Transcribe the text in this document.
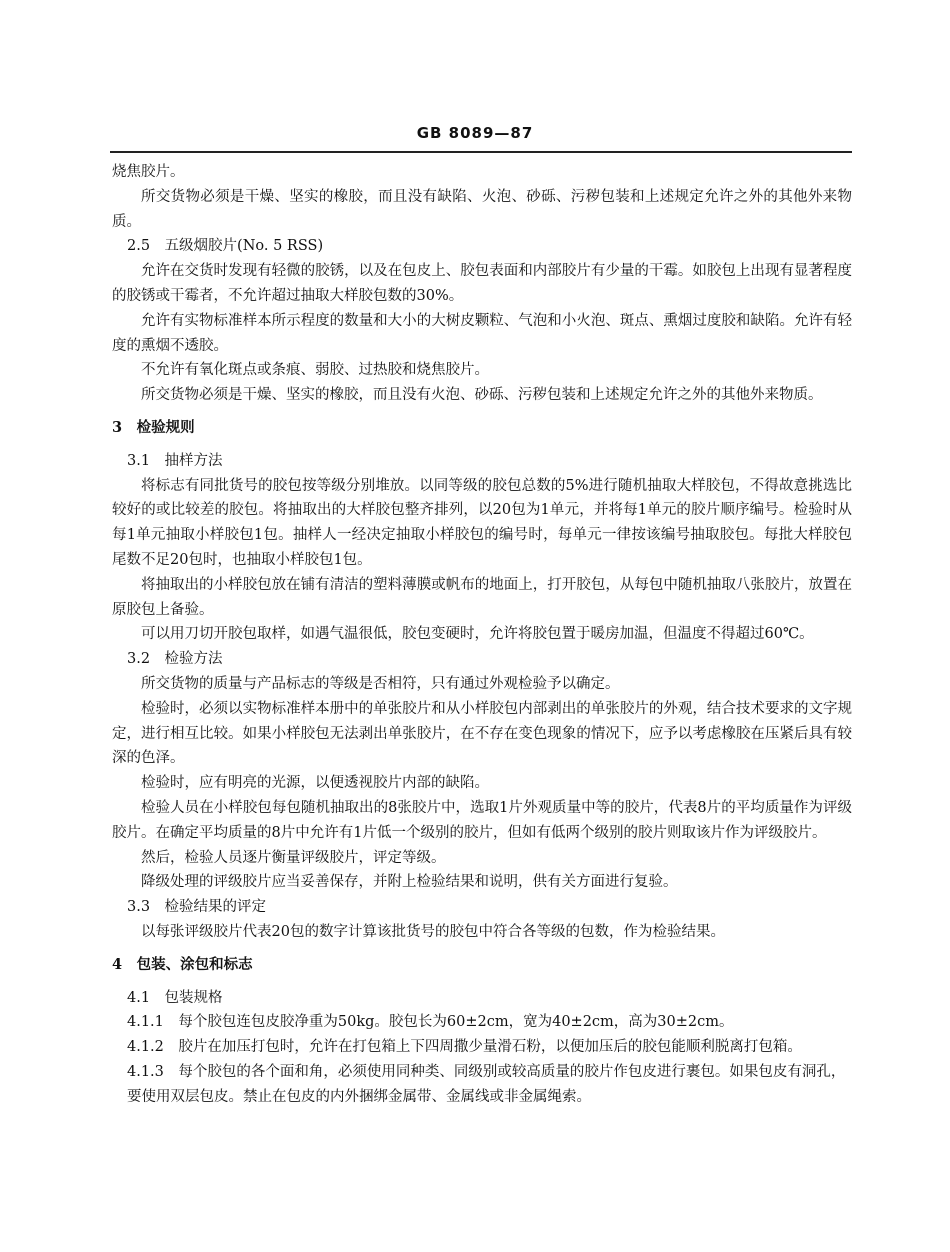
GB 8089—87

烧焦胶片。

所交货物必须是干燥、坚实的橡胶，而且没有缺陷、火泡、砂砾、污秽包装和上述规定允许之外的其他外来物质。

2.5　五级烟胶片(No. 5 RSS)

允许在交货时发现有轻微的胶锈，以及在包皮上、胶包表面和内部胶片有少量的干霉。如胶包上出现有显著程度的胶锈或干霉者，不允许超过抽取大样胶包数的30%。

允许有实物标准样本所示程度的数量和大小的大树皮颗粒、气泡和小火泡、斑点、熏烟过度胶和缺陷。允许有轻度的熏烟不透胶。

不允许有氧化斑点或条痕、弱胶、过热胶和烧焦胶片。

所交货物必须是干燥、坚实的橡胶，而且没有火泡、砂砾、污秽包装和上述规定允许之外的其他外来物质。

3　检验规则

3.1　抽样方法

将标志有同批货号的胶包按等级分别堆放。以同等级的胶包总数的5%进行随机抽取大样胶包，不得故意挑选比较好的或比较差的胶包。将抽取出的大样胶包整齐排列，以20包为1单元，并将每1单元的胶片顺序编号。检验时从每1单元抽取小样胶包1包。抽样人一经决定抽取小样胶包的编号时，每单元一律按该编号抽取胶包。每批大样胶包尾数不足20包时，也抽取小样胶包1包。

将抽取出的小样胶包放在铺有清洁的塑料薄膜或帆布的地面上，打开胶包，从每包中随机抽取八张胶片，放置在原胶包上备验。

可以用刀切开胶包取样，如遇气温很低，胶包变硬时，允许将胶包置于暖房加温，但温度不得超过60℃。

3.2　检验方法

所交货物的质量与产品标志的等级是否相符，只有通过外观检验予以确定。

检验时，必须以实物标准样本册中的单张胶片和从小样胶包内部剥出的单张胶片的外观，结合技术要求的文字规定，进行相互比较。如果小样胶包无法剥出单张胶片，在不存在变色现象的情况下，应予以考虑橡胶在压紧后具有较深的色泽。

检验时，应有明亮的光源，以便透视胶片内部的缺陷。

检验人员在小样胶包每包随机抽取出的8张胶片中，选取1片外观质量中等的胶片，代表8片的平均质量作为评级胶片。在确定平均质量的8片中允许有1片低一个级别的胶片，但如有低两个级别的胶片则取该片作为评级胶片。

然后，检验人员逐片衡量评级胶片，评定等级。

降级处理的评级胶片应当妥善保存，并附上检验结果和说明，供有关方面进行复验。

3.3　检验结果的评定

以每张评级胶片代表20包的数字计算该批货号的胶包中符合各等级的包数，作为检验结果。

4　包装、涂包和标志

4.1　包装规格

4.1.1　每个胶包连包皮胶净重为50kg。胶包长为60±2cm，宽为40±2cm，高为30±2cm。

4.1.2　胶片在加压打包时，允许在打包箱上下四周撒少量滑石粉，以便加压后的胶包能顺利脱离打包箱。

4.1.3　每个胶包的各个面和角，必须使用同种类、同级别或较高质量的胶片作包皮进行裹包。如果包皮有洞孔，要使用双层包皮。禁止在包皮的内外捆绑金属带、金属线或非金属绳索。
